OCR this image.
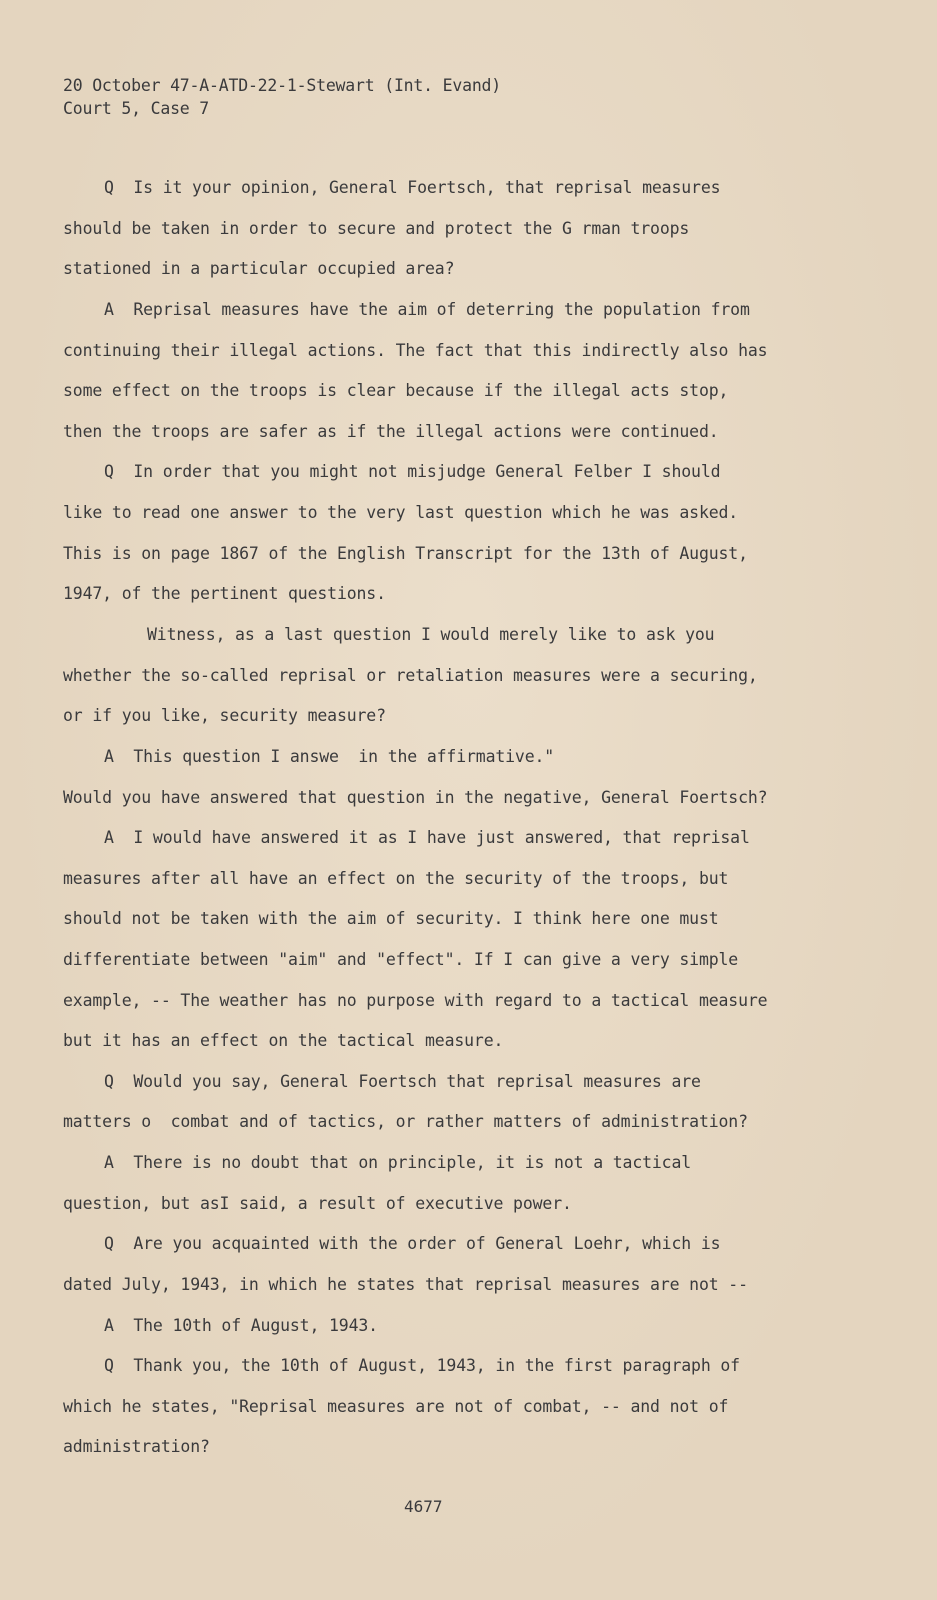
20 October 47-A-ATD-22-1-Stewart (Int. Evand)
Court 5, Case 7
Q  Is it your opinion, General Foertsch, that reprisal measures
should be taken in order to secure and protect the G rman troops
stationed in a particular occupied area?
A  Reprisal measures have the aim of deterring the population from
continuing their illegal actions. The fact that this indirectly also has
some effect on the troops is clear because if the illegal acts stop,
then the troops are safer as if the illegal actions were continued.
Q  In order that you might not misjudge General Felber I should
like to read one answer to the very last question which he was asked.
This is on page 1867 of the English Transcript for the 13th of August,
1947, of the pertinent questions.
Witness, as a last question I would merely like to ask you
whether the so-called reprisal or retaliation measures were a securing,
or if you like, security measure?
A  This question I answe  in the affirmative."
Would you have answered that question in the negative, General Foertsch?
A  I would have answered it as I have just answered, that reprisal
measures after all have an effect on the security of the troops, but
should not be taken with the aim of security. I think here one must
differentiate between "aim" and "effect". If I can give a very simple
example, -- The weather has no purpose with regard to a tactical measure
but it has an effect on the tactical measure.
Q  Would you say, General Foertsch that reprisal measures are
matters o  combat and of tactics, or rather matters of administration?
A  There is no doubt that on principle, it is not a tactical
question, but asI said, a result of executive power.
Q  Are you acquainted with the order of General Loehr, which is
dated July, 1943, in which he states that reprisal measures are not --
A  The 10th of August, 1943.
Q  Thank you, the 10th of August, 1943, in the first paragraph of
which he states, "Reprisal measures are not of combat, -- and not of
administration?
4677
